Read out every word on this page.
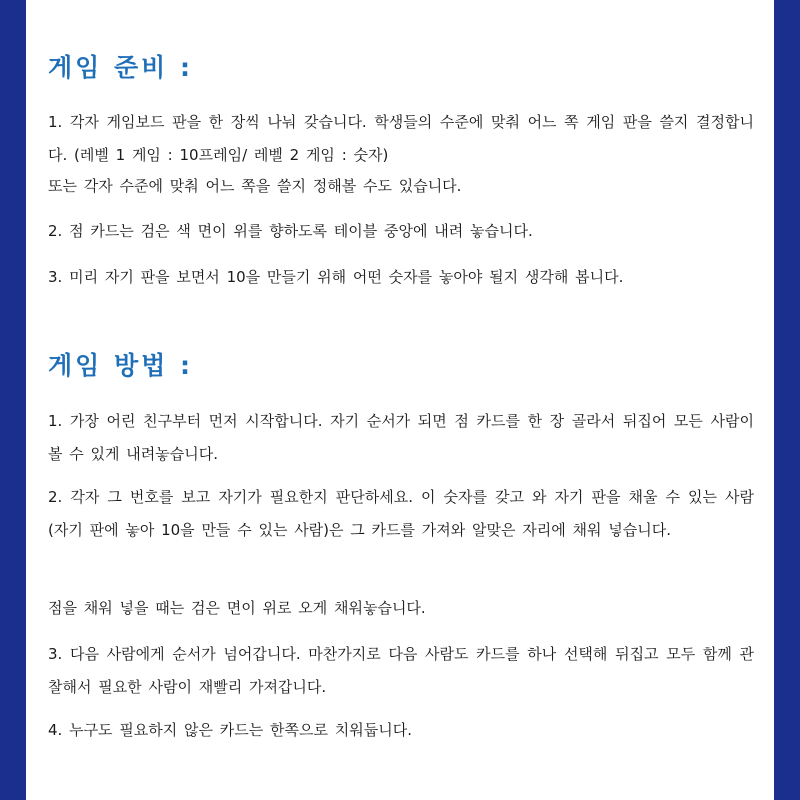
게임 준비 :
1. 각자 게임보드 판을 한 장씩 나눠 갖습니다. 학생들의 수준에 맞춰 어느 쪽 게임 판을 쓸지 결정합니다. (레벨 1 게임 : 10프레임/ 레벨 2 게임 : 숫자)
또는 각자 수준에 맞춰 어느 쪽을 쓸지 정해볼 수도 있습니다.
2. 점 카드는 검은 색 면이 위를 향하도록 테이블 중앙에 내려 놓습니다.
3. 미리 자기 판을 보면서 10을 만들기 위해 어떤 숫자를 놓아야 될지 생각해 봅니다.
게임 방법 :
1. 가장 어린 친구부터 먼저 시작합니다. 자기 순서가 되면 점 카드를 한 장 골라서 뒤집어 모든 사람이 볼 수 있게 내려놓습니다.
2. 각자 그 번호를 보고 자기가 필요한지 판단하세요. 이 숫자를 갖고 와 자기 판을 채울 수 있는 사람 (자기 판에 놓아 10을 만들 수 있는 사람)은 그 카드를 가져와 알맞은 자리에 채워 넣습니다.
점을 채워 넣을 때는 검은 면이 위로 오게 채워놓습니다.
3. 다음 사람에게 순서가 넘어갑니다. 마찬가지로 다음 사람도 카드를 하나 선택해 뒤집고 모두 함께 관찰해서 필요한 사람이 재빨리 가져갑니다.
4. 누구도 필요하지 않은 카드는 한쪽으로 치워둡니다.
